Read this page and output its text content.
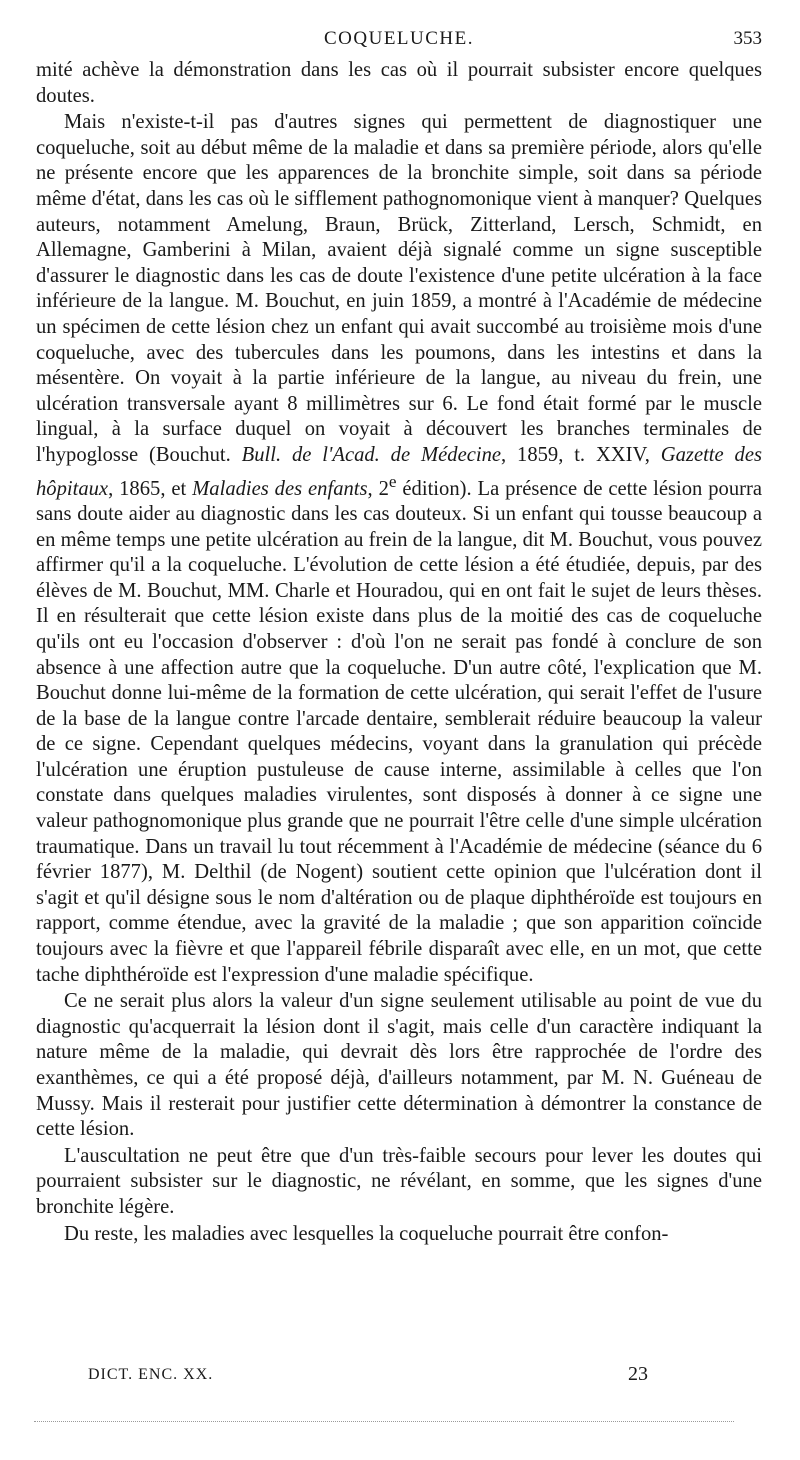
COQUELUCHE.	353

mité achève la démonstration dans les cas où il pourrait subsister encore quelques doutes.

Mais n'existe-t-il pas d'autres signes qui permettent de diagnostiquer une coqueluche, soit au début même de la maladie et dans sa première période, alors qu'elle ne présente encore que les apparences de la bronchite simple, soit dans sa période même d'état, dans les cas où le sifflement pathognomonique vient à manquer? Quelques auteurs, notamment Amelung, Braun, Brück, Zitterland, Lersch, Schmidt, en Allemagne, Gamberini à Milan, avaient déjà signalé comme un signe susceptible d'assurer le diagnostic dans les cas de doute l'existence d'une petite ulcération à la face inférieure de la langue. M. Bouchut, en juin 1859, a montré à l'Académie de médecine un spécimen de cette lésion chez un enfant qui avait succombé au troisième mois d'une coqueluche, avec des tubercules dans les poumons, dans les intestins et dans la mésentère. On voyait à la partie inférieure de la langue, au niveau du frein, une ulcération transversale ayant 8 millimètres sur 6. Le fond était formé par le muscle lingual, à la surface duquel on voyait à découvert les branches terminales de l'hypoglosse (Bouchut. Bull. de l'Acad. de Médecine, 1859, t. XXIV, Gazette des hôpitaux, 1865, et Maladies des enfants, 2e édition). La présence de cette lésion pourra sans doute aider au diagnostic dans les cas douteux. Si un enfant qui tousse beaucoup a en même temps une petite ulcération au frein de la langue, dit M. Bouchut, vous pouvez affirmer qu'il a la coqueluche. L'évolution de cette lésion a été étudiée, depuis, par des élèves de M. Bouchut, MM. Charle et Houradou, qui en ont fait le sujet de leurs thèses. Il en résulterait que cette lésion existe dans plus de la moitié des cas de coqueluche qu'ils ont eu l'occasion d'observer : d'où l'on ne serait pas fondé à conclure de son absence à une affection autre que la coqueluche. D'un autre côté, l'explication que M. Bouchut donne lui-même de la formation de cette ulcération, qui serait l'effet de l'usure de la base de la langue contre l'arcade dentaire, semblerait réduire beaucoup la valeur de ce signe. Cependant quelques médecins, voyant dans la granulation qui précède l'ulcération une éruption pustuleuse de cause interne, assimilable à celles que l'on constate dans quelques maladies virulentes, sont disposés à donner à ce signe une valeur pathognomonique plus grande que ne pourrait l'être celle d'une simple ulcération traumatique. Dans un travail lu tout récemment à l'Académie de médecine (séance du 6 février 1877), M. Delthil (de Nogent) soutient cette opinion que l'ulcération dont il s'agit et qu'il désigne sous le nom d'altération ou de plaque diphthéroïde est toujours en rapport, comme étendue, avec la gravité de la maladie ; que son apparition coïncide toujours avec la fièvre et que l'appareil fébrile disparaît avec elle, en un mot, que cette tache diphthéroïde est l'expression d'une maladie spécifique.

Ce ne serait plus alors la valeur d'un signe seulement utilisable au point de vue du diagnostic qu'acquerrait la lésion dont il s'agit, mais celle d'un caractère indiquant la nature même de la maladie, qui devrait dès lors être rapprochée de l'ordre des exanthèmes, ce qui a été proposé déjà, d'ailleurs notamment, par M. N. Guéneau de Mussy. Mais il resterait pour justifier cette détermination à démontrer la constance de cette lésion.

L'auscultation ne peut être que d'un très-faible secours pour lever les doutes qui pourraient subsister sur le diagnostic, ne révélant, en somme, que les signes d'une bronchite légère.

Du reste, les maladies avec lesquelles la coqueluche pourrait être confon-

DICT. ENC. XX.	23
